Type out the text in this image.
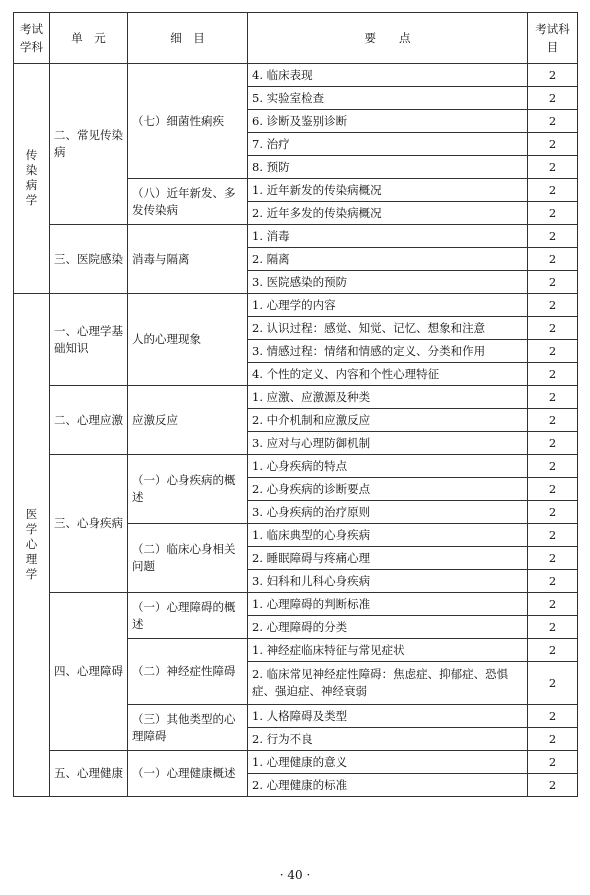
考试学科	单　元	细　目	要　　点	考试科目
传染病学	二、常见传染病	（七）细菌性痢疾	4. 临床表现	2
			5. 实验室检查	2
			6. 诊断及鉴别诊断	2
			7. 治疗	2
			8. 预防	2
		（八）近年新发、多发传染病	1. 近年新发的传染病概况	2
			2. 近年多发的传染病概况	2
	三、医院感染	消毒与隔离	1. 消毒	2
			2. 隔离	2
			3. 医院感染的预防	2
医学心理学	一、心理学基础知识	人的心理现象	1. 心理学的内容	2
			2. 认识过程：感觉、知觉、记忆、想象和注意	2
			3. 情感过程：情绪和情感的定义、分类和作用	2
			4. 个性的定义、内容和个性心理特征	2
	二、心理应激	应激反应	1. 应激、应激源及种类	2
			2. 中介机制和应激反应	2
			3. 应对与心理防御机制	2
	三、心身疾病	（一）心身疾病的概述	1. 心身疾病的特点	2
			2. 心身疾病的诊断要点	2
			3. 心身疾病的治疗原则	2
		（二）临床心身相关问题	1. 临床典型的心身疾病	2
			2. 睡眠障碍与疼痛心理	2
			3. 妇科和儿科心身疾病	2
	四、心理障碍	（一）心理障碍的概述	1. 心理障碍的判断标准	2
			2. 心理障碍的分类	2
		（二）神经症性障碍	1. 神经症临床特征与常见症状	2
			2. 临床常见神经症性障碍：焦虑症、抑郁症、恐惧症、强迫症、神经衰弱	2
		（三）其他类型的心理障碍	1. 人格障碍及类型	2
			2. 行为不良	2
	五、心理健康	（一）心理健康概述	1. 心理健康的意义	2
			2. 心理健康的标准	2
· 40 ·
